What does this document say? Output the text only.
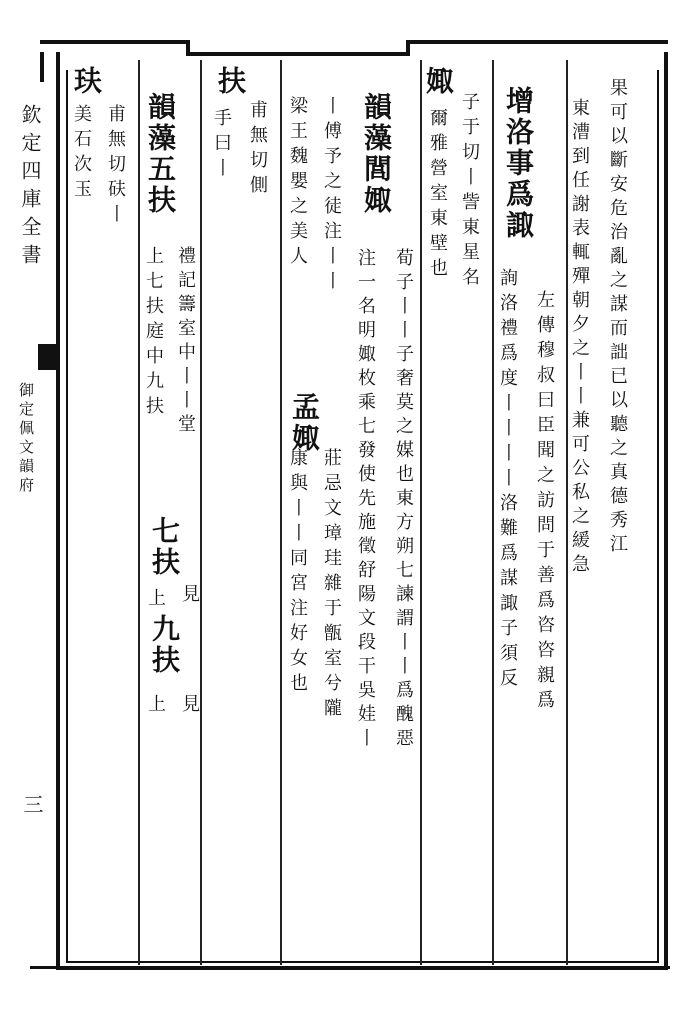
欽定四庫全書
御定佩文韻府
三
果可以斷安危治亂之謀而詘已以聽之真德秀江
東漕到任謝表輒殫朝夕之丨丨兼可公私之緩急
增洛事爲諏
左傳穆叔曰臣聞之訪問于善爲咨咨親爲
詢洛禮爲度丨丨丨丨洛難爲謀諏子須反
娵
子于切丨訾東星名
爾雅營室東壁也
韻藻閭娵
荀子丨丨子奢莫之媒也東方朔七諫謂丨丨爲醜惡
注一名明娵枚乘七發使先施徵舒陽文段干吳娃丨
丨傅予之徒注丨丨
孟娵
莊忌文璋珪雜于甑室兮隴
梁王魏嬰之美人
康與丨丨同宮注好女也
扶
甫無切側
手曰丨
韻藻五扶
禮記籌室中丨丨堂
上七扶庭中九扶
七扶
見
上
九扶
見
上
玞
甫無切砆丨
美石次玉
